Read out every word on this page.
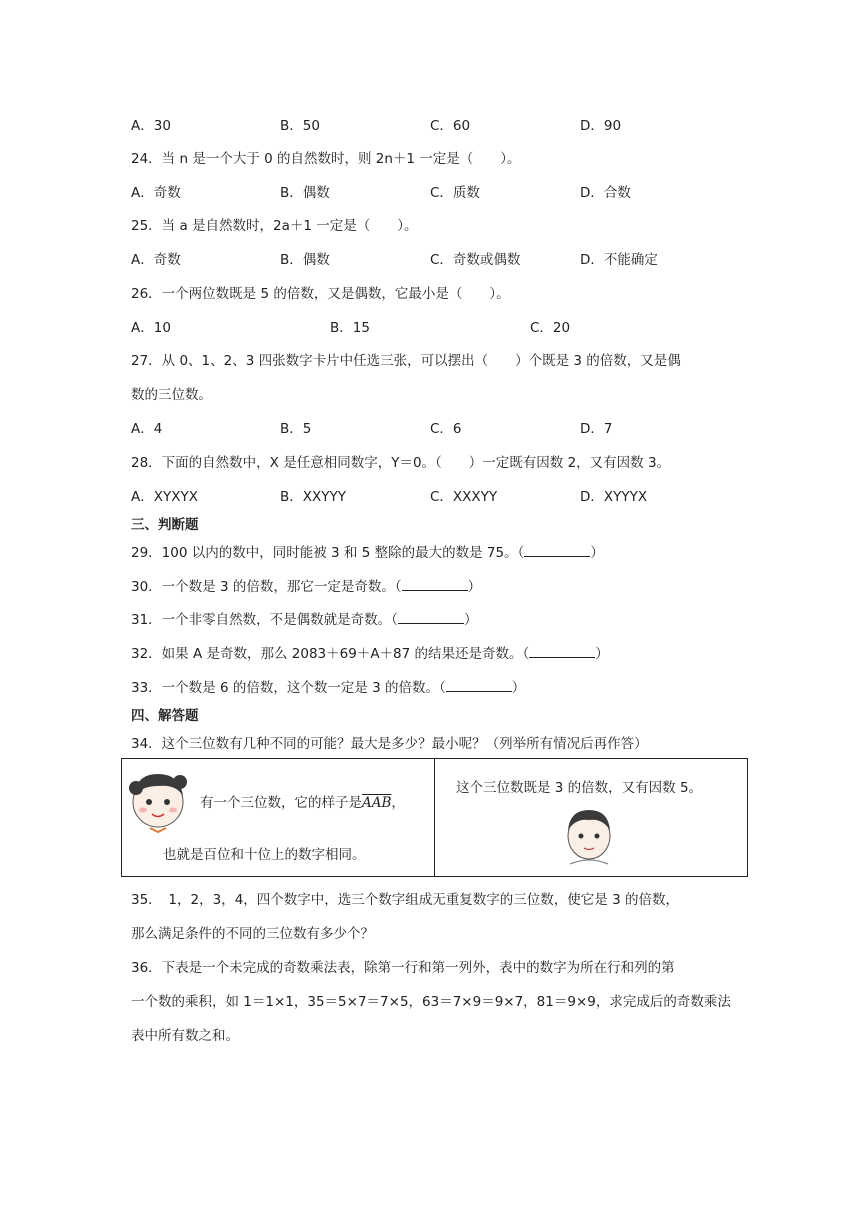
A．30	B．50	C．60	D．90
24．当 n 是一个大于 0 的自然数时，则 2n＋1 一定是（　　）。
A．奇数	B．偶数	C．质数	D．合数
25．当 a 是自然数时，2a＋1 一定是（　　）。
A．奇数	B．偶数	C．奇数或偶数	D．不能确定
26．一个两位数既是 5 的倍数，又是偶数，它最小是（　　）。
A．10	B．15	C．20
27．从 0、1、2、3 四张数字卡片中任选三张，可以摆出（　　）个既是 3 的倍数，又是偶
数的三位数。
A．4	B．5	C．6	D．7
28．下面的自然数中，X 是任意相同数字，Y＝0。（　　）一定既有因数 2，又有因数 3。
A．XYXYX	B．XXYYY	C．XXXYY	D．XYYYX
三、判断题
29．100 以内的数中，同时能被 3 和 5 整除的最大的数是 75。（	）
30．一个数是 3 的倍数，那它一定是奇数。（	）
31．一个非零自然数，不是偶数就是奇数。（	）
32．如果 A 是奇数，那么 2083＋69＋A＋87 的结果还是奇数。（	）
33．一个数是 6 的倍数，这个数一定是 3 的倍数。（	）
四、解答题
34．这个三位数有几种不同的可能？最大是多少？最小呢？（列举所有情况后再作答）
有一个三位数，它的样子是$\overline{AAB}$，
也就是百位和十位上的数字相同。
这个三位数既是 3 的倍数，又有因数 5。
35．　1，2，3，4，四个数字中，选三个数字组成无重复数字的三位数，使它是 3 的倍数，
那么满足条件的不同的三位数有多少个？
36．下表是一个未完成的奇数乘法表，除第一行和第一列外，表中的数字为所在行和列的第
一个数的乘积，如 1＝1×1，35＝5×7＝7×5，63＝7×9＝9×7，81＝9×9，求完成后的奇数乘法
表中所有数之和。
